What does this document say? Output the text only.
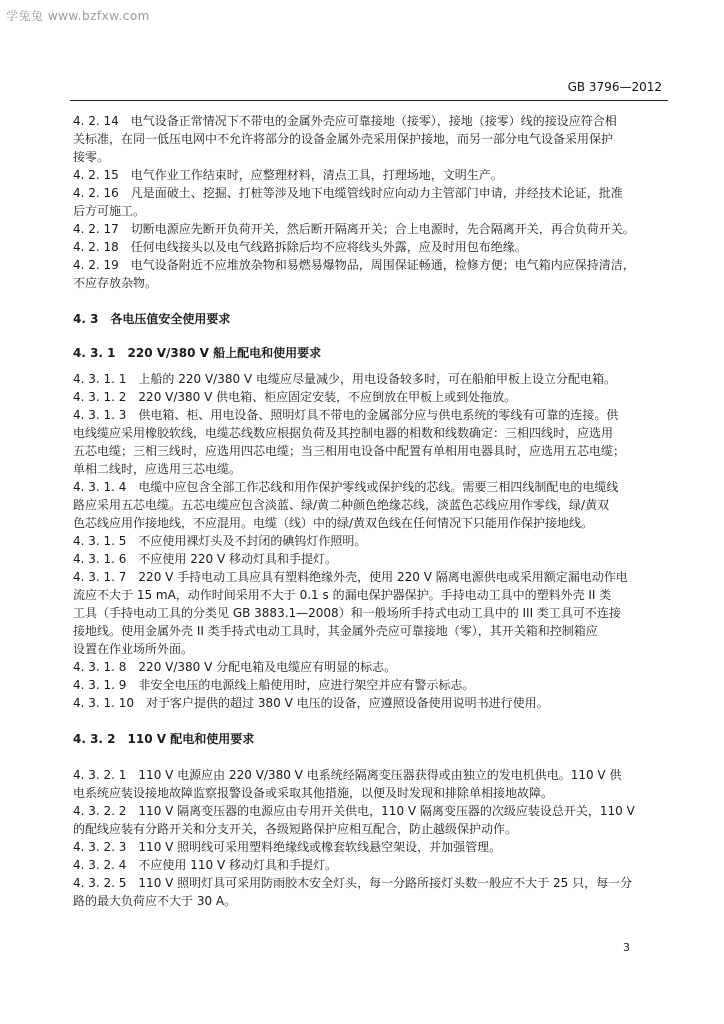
学兔兔 www.bzfxw.com
GB 3796—2012
4. 2. 14　电气设备正常情况下不带电的金属外壳应可靠接地（接零），接地（接零）线的接设应符合相
关标准，在同一低压电网中不允许将部分的设备金属外壳采用保护接地，而另一部分电气设备采用保护
接零。
4. 2. 15　电气作业工作结束时，应整理材料，清点工具，打理场地，文明生产。
4. 2. 16　凡是面破土、挖掘、打桩等涉及地下电缆管线时应向动力主管部门申请，并经技术论证，批准
后方可施工。
4. 2. 17　切断电源应先断开负荷开关，然后断开隔离开关；合上电源时，先合隔离开关，再合负荷开关。
4. 2. 18　任何电线接头以及电气线路拆除后均不应将线头外露，应及时用包布绝缘。
4. 2. 19　电气设备附近不应堆放杂物和易燃易爆物品，周围保证畅通，检修方便；电气箱内应保持清洁，
不应存放杂物。
4. 3　各电压值安全使用要求
4. 3. 1　220 V/380 V 船上配电和使用要求
4. 3. 1. 1　上船的 220 V/380 V 电缆应尽量减少，用电设备较多时，可在船舶甲板上设立分配电箱。
4. 3. 1. 2　220 V/380 V 供电箱、柜应固定安装，不应倒放在甲板上或到处拖放。
4. 3. 1. 3　供电箱、柜、用电设备、照明灯具不带电的金属部分应与供电系统的零线有可靠的连接。供
电线缆应采用橡胶软线，电缆芯线数应根据负荷及其控制电器的相数和线数确定：三相四线时，应选用
五芯电缆；三相三线时，应选用四芯电缆；当三相用电设备中配置有单相用电器具时，应选用五芯电缆；
单相二线时，应选用三芯电缆。
4. 3. 1. 4　电缆中应包含全部工作芯线和用作保护零线或保护线的芯线。需要三相四线制配电的电缆线
路应采用五芯电缆。五芯电缆应包含淡蓝、绿/黄二种颜色绝缘芯线，淡蓝色芯线应用作零线，绿/黄双
色芯线应用作接地线，不应混用。电缆（线）中的绿/黄双色线在任何情况下只能用作保护接地线。
4. 3. 1. 5　不应使用裸灯头及不封闭的碘钨灯作照明。
4. 3. 1. 6　不应使用 220 V 移动灯具和手提灯。
4. 3. 1. 7　220 V 手持电动工具应具有塑料绝缘外壳，使用 220 V 隔离电源供电或采用额定漏电动作电
流应不大于 15 mA，动作时间采用不大于 0.1 s 的漏电保护器保护。手持电动工具中的塑料外壳 II 类
工具（手持电动工具的分类见 GB 3883.1—2008）和一般场所手持式电动工具中的 III 类工具可不连接
接地线。使用金属外壳 II 类手持式电动工具时，其金属外壳应可靠接地（零），其开关箱和控制箱应
设置在作业场所外面。
4. 3. 1. 8　220 V/380 V 分配电箱及电缆应有明显的标志。
4. 3. 1. 9　非安全电压的电源线上船使用时，应进行架空并应有警示标志。
4. 3. 1. 10　对于客户提供的超过 380 V 电压的设备，应遵照设备使用说明书进行使用。
4. 3. 2　110 V 配电和使用要求
4. 3. 2. 1　110 V 电源应由 220 V/380 V 电系统经隔离变压器获得或由独立的发电机供电。110 V 供
电系统应装设接地故障监察报警设备或采取其他措施，以便及时发现和排除单相接地故障。
4. 3. 2. 2　110 V 隔离变压器的电源应由专用开关供电，110 V 隔离变压器的次级应装设总开关，110 V
的配线应装有分路开关和分支开关，各级短路保护应相互配合，防止越级保护动作。
4. 3. 2. 3　110 V 照明线可采用塑料绝缘线或橡套软线悬空架设，并加强管理。
4. 3. 2. 4　不应使用 110 V 移动灯具和手提灯。
4. 3. 2. 5　110 V 照明灯具可采用防雨胶木安全灯头，每一分路所接灯头数一般应不大于 25 只，每一分
路的最大负荷应不大于 30 A。
3
